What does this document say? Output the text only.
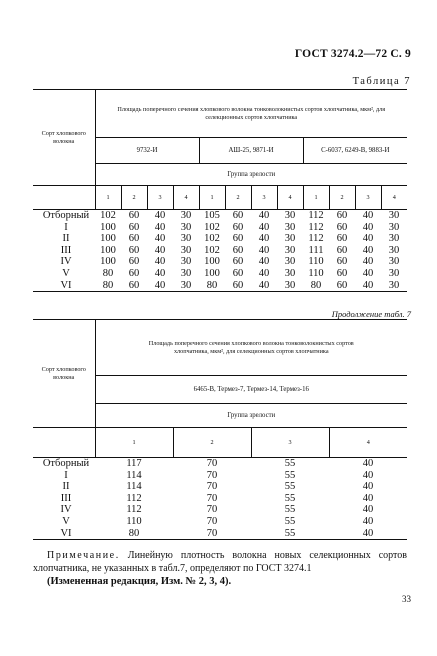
ГОСТ 3274.2—72 С. 9
Таблица 7
Сорт хлопкового волокна	Площадь поперечного сечения хлопкового волокна тонковолокнистых сортов хлопчатника, мкм², для селекционных сортов хлопчатника											
	9732-И				АШ-25, 9871-И				С-6037, 6249-В, 9883-И			
	Группа зрелости											
	1	2	3	4	1	2	3	4	1	2	3	4
Отборный	102	60	40	30	105	60	40	30	112	60	40	30
I	100	60	40	30	102	60	40	30	112	60	40	30
II	100	60	40	30	102	60	40	30	112	60	40	30
III	100	60	40	30	102	60	40	30	111	60	40	30
IV	100	60	40	30	100	60	40	30	110	60	40	30
V	80	60	40	30	100	60	40	30	110	60	40	30
VI	80	60	40	30	80	60	40	30	80	60	40	30
Продолжение табл. 7
Сорт хлопкового волокна	Площадь поперечного сечения хлопкового волокна тонковолокнистых сортов хлопчатника, мкм², для селекционных сортов хлопчатника			
	6465-В, Термез-7, Термез-14, Термез-16			
	Группа зрелости			
	1	2	3	4
Отборный	117	70	55	40
I	114	70	55	40
II	114	70	55	40
III	112	70	55	40
IV	112	70	55	40
V	110	70	55	40
VI	80	70	55	40
Примечание. Линейную плотность волокна новых селекционных сортов хлопчатника, не указанных в табл.7, определяют по ГОСТ 3274.1
(Измененная редакция, Изм. № 2, 3, 4).
33
